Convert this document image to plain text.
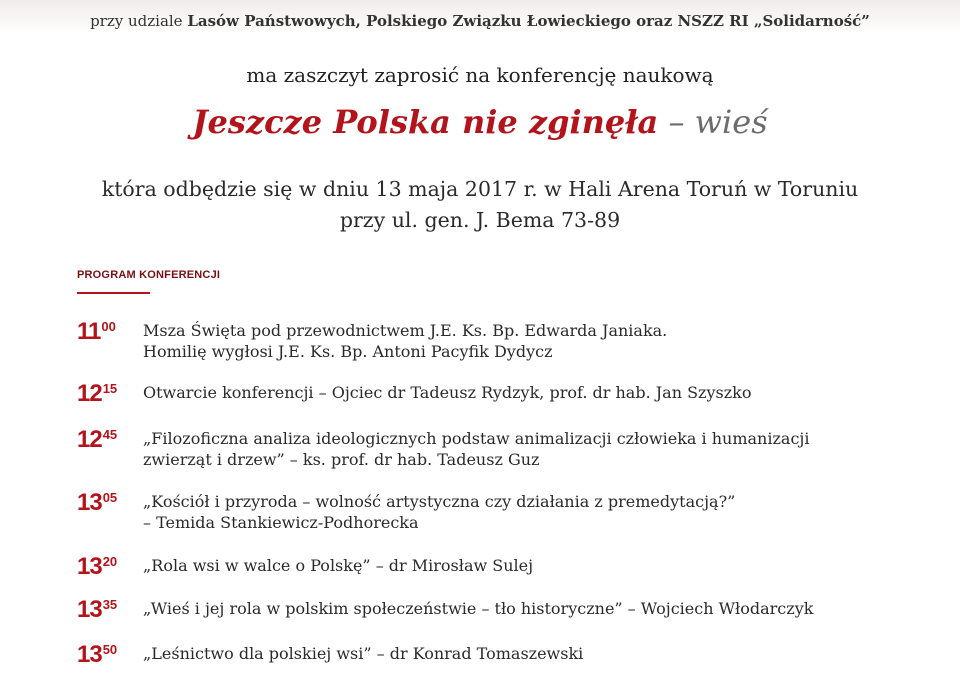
przy udziale Lasów Państwowych, Polskiego Związku Łowieckiego oraz NSZZ RI „Solidarność”
ma zaszczyt zaprosić na konferencję naukową
Jeszcze Polska nie zginęła – wieś
która odbędzie się w dniu 13 maja 2017 r. w Hali Arena Toruń w Toruniu
przy ul. gen. J. Bema 73-89
PROGRAM KONFERENCJI
$11^{00}$ Msza Święta pod przewodnictwem J.E. Ks. Bp. Edwarda Janiaka.
Homilię wygłosi J.E. Ks. Bp. Antoni Pacyfik Dydycz
$12^{15}$ Otwarcie konferencji – Ojciec dr Tadeusz Rydzyk, prof. dr hab. Jan Szyszko
$12^{45}$ „Filozoficzna analiza ideologicznych podstaw animalizacji człowieka i humanizacji
zwierząt i drzew” – ks. prof. dr hab. Tadeusz Guz
$13^{05}$ „Kościół i przyroda – wolność artystyczna czy działania z premedytacją?”
– Temida Stankiewicz-Podhorecka
$13^{20}$ „Rola wsi w walce o Polskę” – dr Mirosław Sulej
$13^{35}$ „Wieś i jej rola w polskim społeczeństwie – tło historyczne” – Wojciech Włodarczyk
$13^{50}$ „Leśnictwo dla polskiej wsi” – dr Konrad Tomaszewski
